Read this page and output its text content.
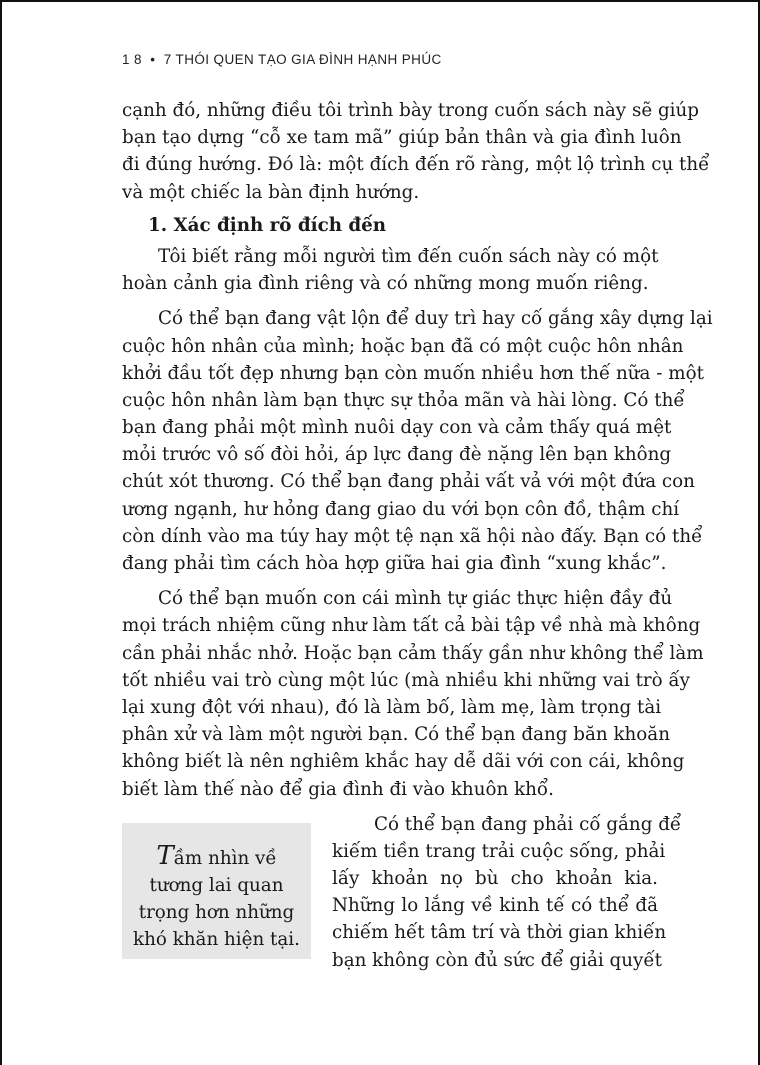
1 8 • 7 THÓI QUEN TẠO GIA ĐÌNH HẠNH PHÚC
cạnh đó, những điều tôi trình bày trong cuốn sách này sẽ giúp
bạn tạo dựng “cỗ xe tam mã” giúp bản thân và gia đình luôn
đi đúng hướng. Đó là: một đích đến rõ ràng, một lộ trình cụ thể
và một chiếc la bàn định hướng.
1. Xác định rõ đích đến
Tôi biết rằng mỗi người tìm đến cuốn sách này có một
hoàn cảnh gia đình riêng và có những mong muốn riêng.
Có thể bạn đang vật lộn để duy trì hay cố gắng xây dựng lại
cuộc hôn nhân của mình; hoặc bạn đã có một cuộc hôn nhân
khởi đầu tốt đẹp nhưng bạn còn muốn nhiều hơn thế nữa - một
cuộc hôn nhân làm bạn thực sự thỏa mãn và hài lòng. Có thể
bạn đang phải một mình nuôi dạy con và cảm thấy quá mệt
mỏi trước vô số đòi hỏi, áp lực đang đè nặng lên bạn không
chút xót thương. Có thể bạn đang phải vất vả với một đứa con
ương ngạnh, hư hỏng đang giao du với bọn côn đồ, thậm chí
còn dính vào ma túy hay một tệ nạn xã hội nào đấy. Bạn có thể
đang phải tìm cách hòa hợp giữa hai gia đình “xung khắc”.
Có thể bạn muốn con cái mình tự giác thực hiện đầy đủ
mọi trách nhiệm cũng như làm tất cả bài tập về nhà mà không
cần phải nhắc nhở. Hoặc bạn cảm thấy gần như không thể làm
tốt nhiều vai trò cùng một lúc (mà nhiều khi những vai trò ấy
lại xung đột với nhau), đó là làm bố, làm mẹ, làm trọng tài
phân xử và làm một người bạn. Có thể bạn đang băn khoăn
không biết là nên nghiêm khắc hay dễ dãi với con cái, không
biết làm thế nào để gia đình đi vào khuôn khổ.
Có thể bạn đang phải cố gắng để
kiếm tiền trang trải cuộc sống, phải
lấy khoản nọ bù cho khoản kia.
Những lo lắng về kinh tế có thể đã
chiếm hết tâm trí và thời gian khiến
bạn không còn đủ sức để giải quyết
Tầm nhìn về
tương lai quan
trọng hơn những
khó khăn hiện tại.
